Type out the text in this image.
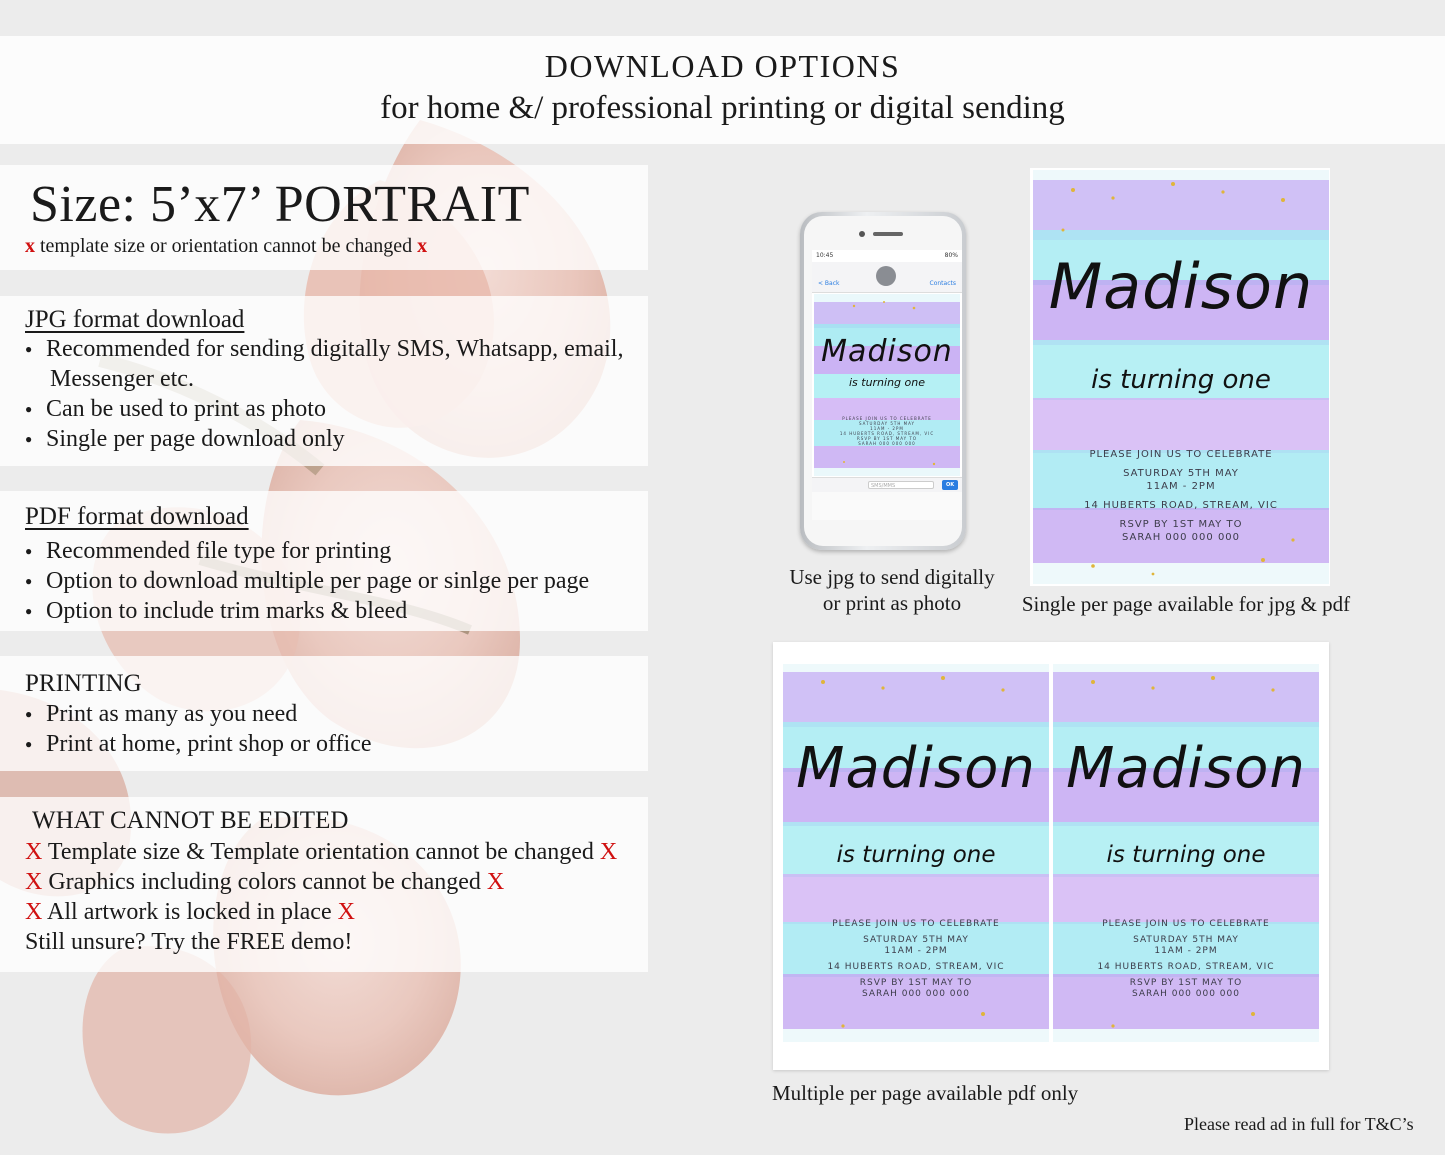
DOWNLOAD OPTIONS
for home &/ professional printing or digital sending
Size: 5’x7’ PORTRAIT
x template size or orientation cannot be changed x
JPG format download
● Recommended for sending digitally SMS, Whatsapp, email,
Messenger etc.
● Can be used to print as photo
● Single per page download only
PDF format download
● Recommended file type for printing
● Option to download multiple per page or sinlge per page
● Option to include trim marks & bleed
PRINTING
● Print as many as you need
● Print at home, print shop or office
WHAT CANNOT BE EDITED
X Template size & Template orientation cannot be changed X
X Graphics including colors cannot be changed X
X All artwork is locked in place X
Still unsure? Try the FREE demo!
10:45	80%
< Back	Contacts
Madison
is turning one
PLEASE JOIN US TO CELEBRATE
SATURDAY 5TH MAY
11AM - 2PM
14 HUBERTS ROAD, STREAM, VIC
RSVP BY 1ST MAY TO
SARAH 000 000 000
SMS/MMS	OK
Use jpg to send digitally
or print as photo
Madison
is turning one
PLEASE JOIN US TO CELEBRATE
SATURDAY 5TH MAY
11AM - 2PM
14 HUBERTS ROAD, STREAM, VIC
RSVP BY 1ST MAY TO
SARAH 000 000 000
Single per page available for jpg & pdf
Madison
is turning one
PLEASE JOIN US TO CELEBRATE
SATURDAY 5TH MAY
11AM - 2PM
14 HUBERTS ROAD, STREAM, VIC
RSVP BY 1ST MAY TO
SARAH 000 000 000
Madison
is turning one
PLEASE JOIN US TO CELEBRATE
SATURDAY 5TH MAY
11AM - 2PM
14 HUBERTS ROAD, STREAM, VIC
RSVP BY 1ST MAY TO
SARAH 000 000 000
Multiple per page available pdf only
Please read ad in full for T&C’s
